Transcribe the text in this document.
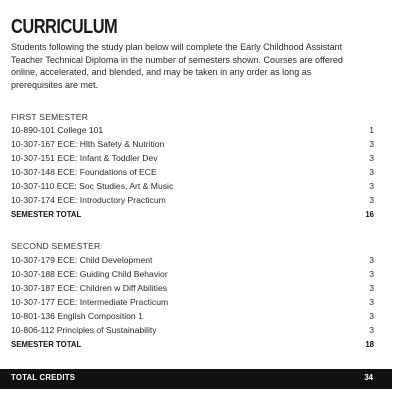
CURRICULUM
Students following the study plan below will complete the Early Childhood Assistant
Teacher Technical Diploma in the number of semesters shown. Courses are offered
online, accelerated, and blended, and may be taken in any order as long as
prerequisites are met.
FIRST SEMESTER
10-890-101 College 101	1
10-307-167 ECE: Hlth Safety & Nutrition	3
10-307-151 ECE: Infant & Toddler Dev	3
10-307-148 ECE: Foundations of ECE	3
10-307-110 ECE: Soc Studies, Art & Music	3
10-307-174 ECE: Introductory Practicum	3
SEMESTER TOTAL	16
SECOND SEMESTER
10-307-179 ECE: Child Development	3
10-307-188 ECE: Guiding Child Behavior	3
10-307-187 ECE: Children w Diff Abilities	3
10-307-177 ECE: Intermediate Practicum	3
10-801-136 English Composition 1	3
10-806-112 Principles of Sustainability	3
SEMESTER TOTAL	18
TOTAL CREDITS	34
